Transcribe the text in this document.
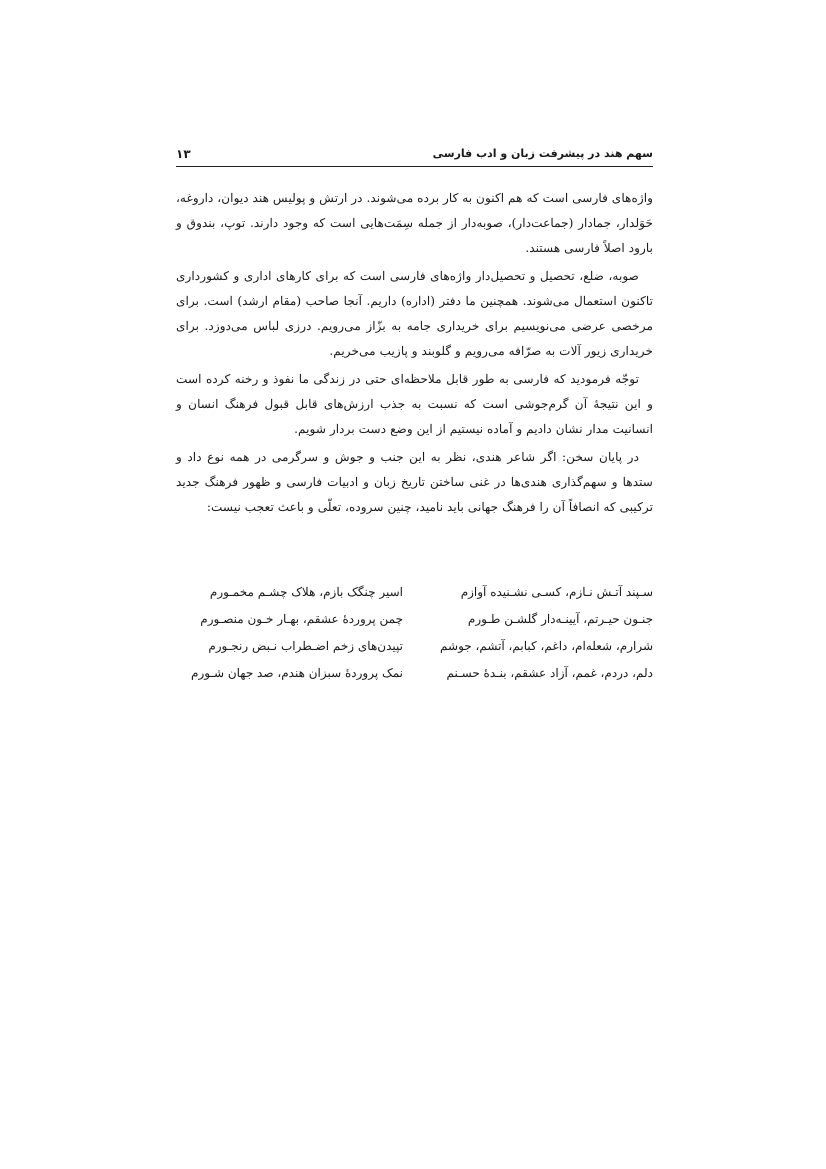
سهم هند در پیشرفت زبان و ادب فارسی
۱۳

واژه‌های فارسی است که هم اکنون به کار برده می‌شوند. در ارتش و پولیس هند دیوان، داروغه، حَوَلدار، جمادار (جماعت‌دار)، صوبه‌دار از جمله سِمَت‌هایی است که وجود دارند. توپ، بندوق و بارود اصلاً فارسی هستند.

صوبه، ضلع، تحصیل و تحصیل‌دار واژه‌های فارسی است که برای کارهای اداری و کشورداری تاکنون استعمال می‌شوند. همچنین ما دفتر (اداره) داریم. آنجا صاحب (مقام ارشد) است. برای مرخصی عرضی می‌نویسیم برای خریداری جامه به بزّاز می‌رویم. درزی لباس می‌دوزد. برای خریداری زیور آلات به صرّافه می‌رویم و گلوبند و پازیب می‌خریم.

توجّه فرمودید که فارسی به طور قابل ملاحظه‌ای حتی در زندگی ما نفوذ و رخنه کرده است و این نتیجهٔ آن گرم‌جوشی است که نسبت به جذب ارزش‌های قابل قبول فرهنگ انسان و انسانیت مدار نشان دادیم و آماده نیستیم از این وضع دست بردار شویم.

در پایان سخن: اگر شاعر هندی، نظر به این جنب و جوش و سرگرمی در همه نوع داد و ستدها و سهم‌گذاری هندی‌ها در غنی ساختن تاریخ زبان و ادبیات فارسی و ظهور فرهنگ جدید ترکیبی که انصافاً آن را فرهنگ جهانی باید نامید، چنین سروده، تعلّی و باعث تعجب نیست:

سـپند آتـش نـازم، کسـی نشـنیده آوازم
اسیر چنگک بازم، هلاک چشـم مخمـورم
جنـون حیـرتم، آیینـه‌دار گلشـن طـورم
چمن پرورده‌ٔ عشقم، بهـار خـون منصـورم
شرارم، شعله‌ام، داغم، کبابم، آتشم، جوشم
تپیدن‌های زخم اضـطراب نـبض رنجـورم
دلم، دردم، غمم، آزاد عشقم، بنـدهٔ حسـنم
نمک پروردهٔ سبزان هندم، صد جهان شـورم
